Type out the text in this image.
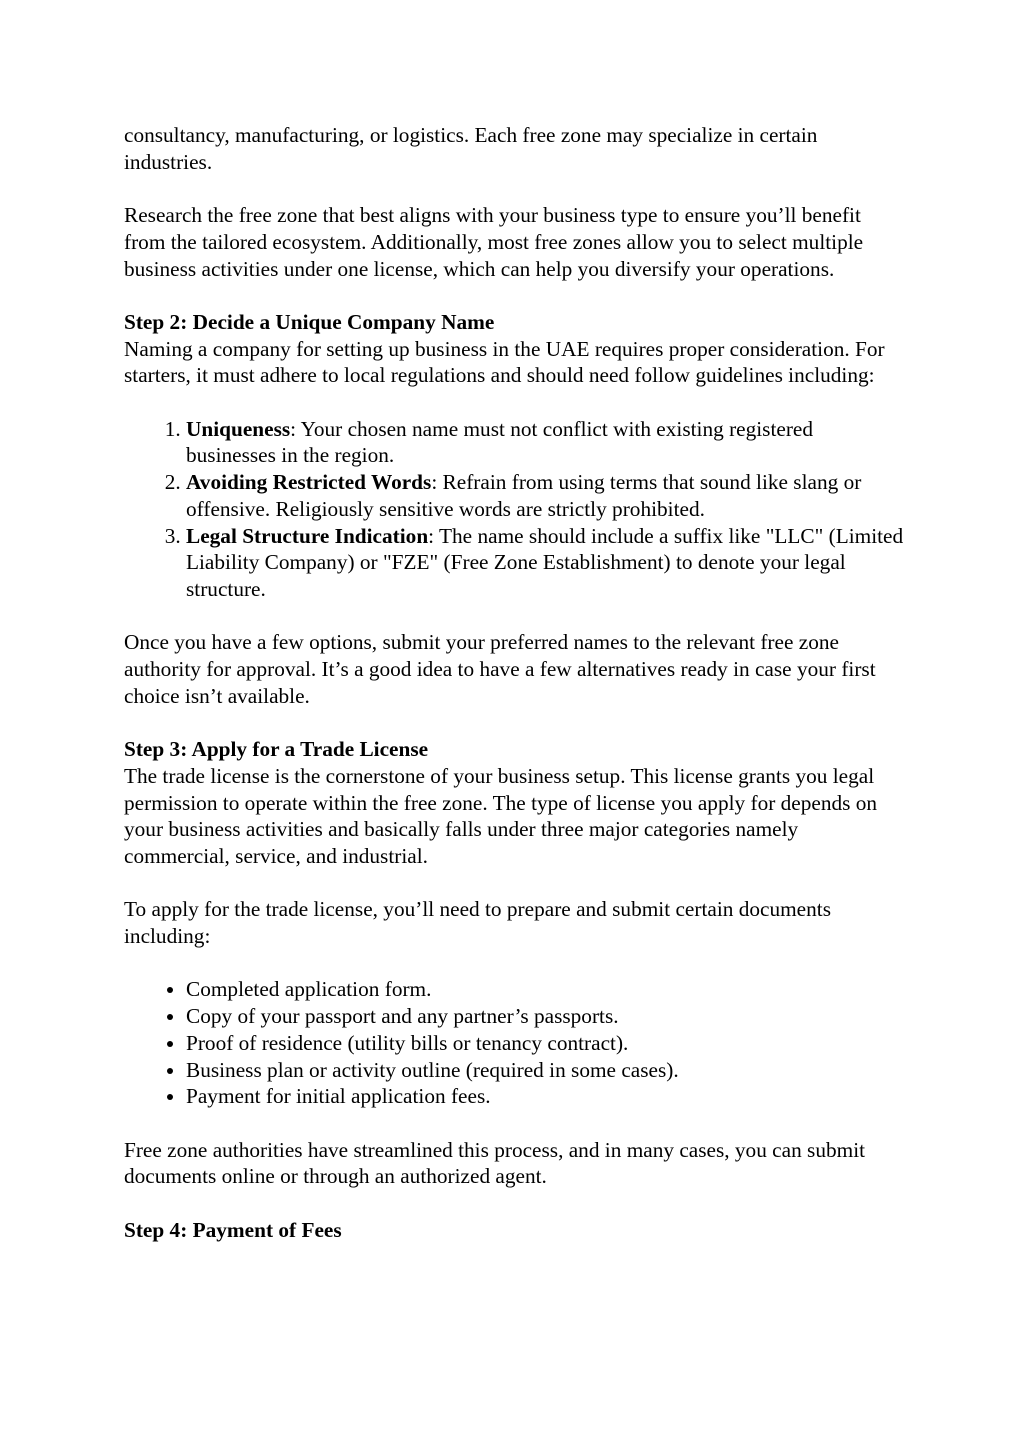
consultancy, manufacturing, or logistics. Each free zone may specialize in certain industries.

Research the free zone that best aligns with your business type to ensure you’ll benefit from the tailored ecosystem. Additionally, most free zones allow you to select multiple business activities under one license, which can help you diversify your operations.

Step 2: Decide a Unique Company Name
Naming a company for setting up business in the UAE requires proper consideration. For starters, it must adhere to local regulations and should need follow guidelines including:

1. Uniqueness: Your chosen name must not conflict with existing registered businesses in the region.
2. Avoiding Restricted Words: Refrain from using terms that sound like slang or offensive. Religiously sensitive words are strictly prohibited.
3. Legal Structure Indication: The name should include a suffix like "LLC" (Limited Liability Company) or "FZE" (Free Zone Establishment) to denote your legal structure.

Once you have a few options, submit your preferred names to the relevant free zone authority for approval. It’s a good idea to have a few alternatives ready in case your first choice isn’t available.

Step 3: Apply for a Trade License
The trade license is the cornerstone of your business setup. This license grants you legal permission to operate within the free zone. The type of license you apply for depends on your business activities and basically falls under three major categories namely commercial, service, and industrial.

To apply for the trade license, you’ll need to prepare and submit certain documents including:

• Completed application form.
• Copy of your passport and any partner’s passports.
• Proof of residence (utility bills or tenancy contract).
• Business plan or activity outline (required in some cases).
• Payment for initial application fees.

Free zone authorities have streamlined this process, and in many cases, you can submit documents online or through an authorized agent.

Step 4: Payment of Fees
